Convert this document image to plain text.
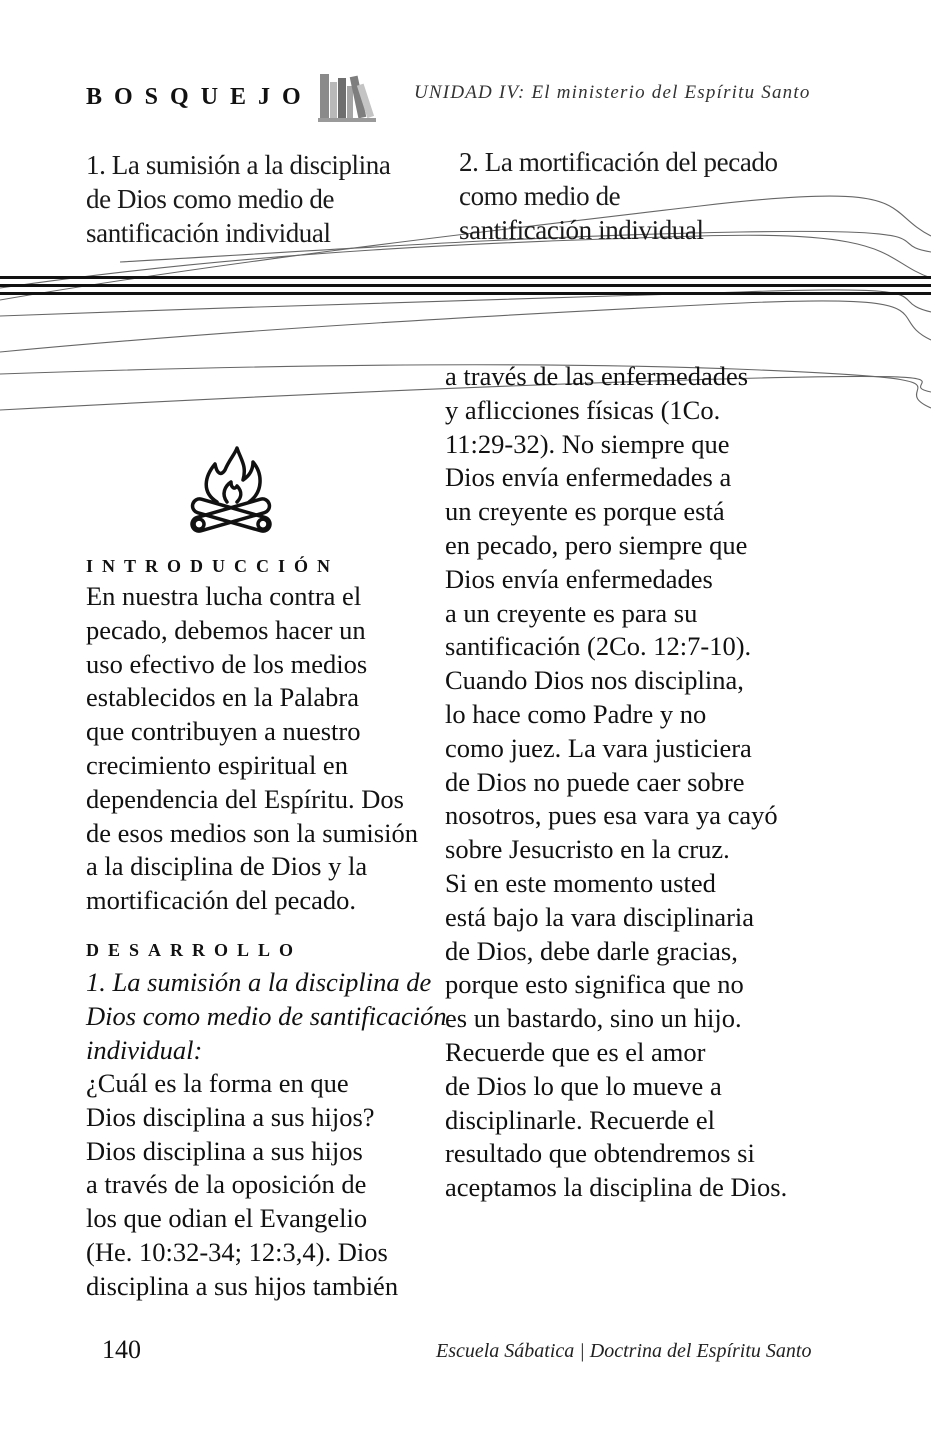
BOSQUEJO	UNIDAD IV: El ministerio del Espíritu Santo
1. La sumisión a la disciplina
de Dios como medio de
santificación individual
2. La mortificación del pecado
como medio de
santificación individual
INTRODUCCIÓN
En nuestra lucha contra el
pecado, debemos hacer un
uso efectivo de los medios
establecidos en la Palabra
que contribuyen a nuestro
crecimiento espiritual en
dependencia del Espíritu. Dos
de esos medios son la sumisión
a la disciplina de Dios y la
mortificación del pecado.
DESARROLLO
1. La sumisión a la disciplina de
Dios como medio de santificación
individual:
¿Cuál es la forma en que
Dios disciplina a sus hijos?
Dios disciplina a sus hijos
a través de la oposición de
los que odian el Evangelio
(He. 10:32-34; 12:3,4). Dios
disciplina a sus hijos también
a través de las enfermedades
y aflicciones físicas (1Co.
11:29-32). No siempre que
Dios envía enfermedades a
un creyente es porque está
en pecado, pero siempre que
Dios envía enfermedades
a un creyente es para su
santificación (2Co. 12:7-10).
Cuando Dios nos disciplina,
lo hace como Padre y no
como juez. La vara justiciera
de Dios no puede caer sobre
nosotros, pues esa vara ya cayó
sobre Jesucristo en la cruz.
Si en este momento usted
está bajo la vara disciplinaria
de Dios, debe darle gracias,
porque esto significa que no
es un bastardo, sino un hijo.
Recuerde que es el amor
de Dios lo que lo mueve a
disciplinarle. Recuerde el
resultado que obtendremos si
aceptamos la disciplina de Dios.
140	Escuela Sábatica | Doctrina del Espíritu Santo
